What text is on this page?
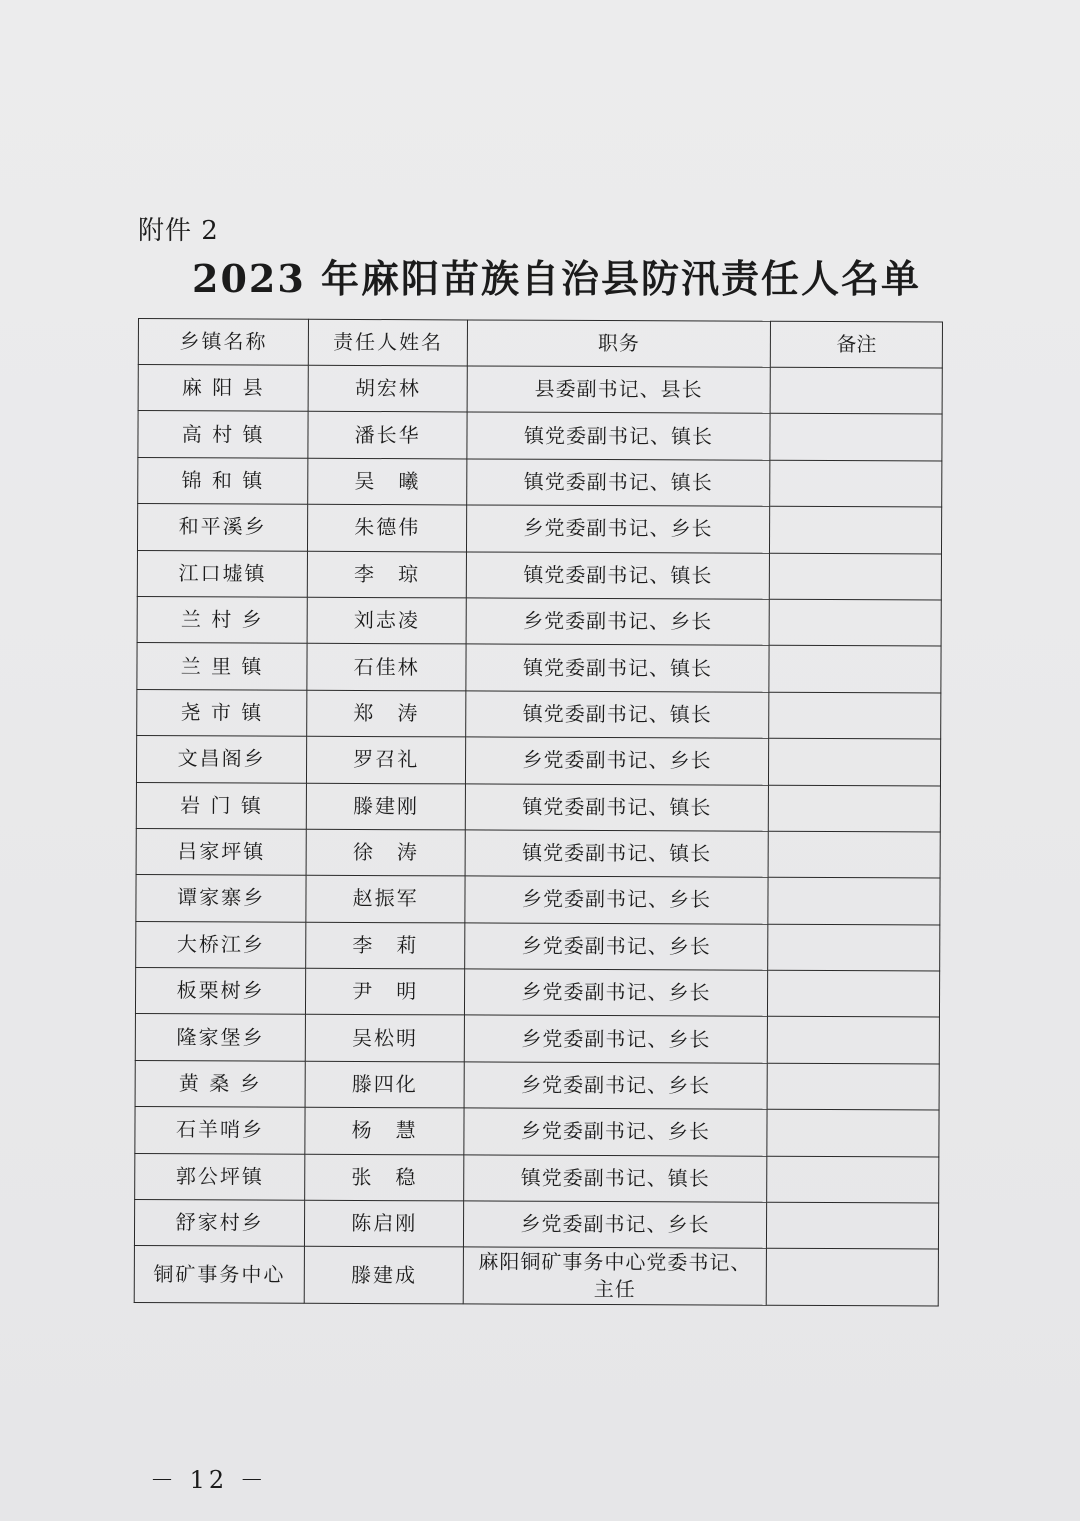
附件 2
2023 年麻阳苗族自治县防汛责任人名单
乡镇名称	责任人姓名	职务	备注
麻 阳 县	胡宏林	县委副书记、县长	
高 村 镇	潘长华	镇党委副书记、镇长	
锦 和 镇	吴　曦	镇党委副书记、镇长	
和平溪乡	朱德伟	乡党委副书记、乡长	
江口墟镇	李　琼	镇党委副书记、镇长	
兰 村 乡	刘志凌	乡党委副书记、乡长	
兰 里 镇	石佳林	镇党委副书记、镇长	
尧 市 镇	郑　涛	镇党委副书记、镇长	
文昌阁乡	罗召礼	乡党委副书记、乡长	
岩 门 镇	滕建刚	镇党委副书记、镇长	
吕家坪镇	徐　涛	镇党委副书记、镇长	
谭家寨乡	赵振军	乡党委副书记、乡长	
大桥江乡	李　莉	乡党委副书记、乡长	
板栗树乡	尹　明	乡党委副书记、乡长	
隆家堡乡	吴松明	乡党委副书记、乡长	
黄 桑 乡	滕四化	乡党委副书记、乡长	
石羊哨乡	杨　慧	乡党委副书记、乡长	
郭公坪镇	张　稳	镇党委副书记、镇长	
舒家村乡	陈启刚	乡党委副书记、乡长	
铜矿事务中心	滕建成	麻阳铜矿事务中心党委书记、主任	
－ 12 －
